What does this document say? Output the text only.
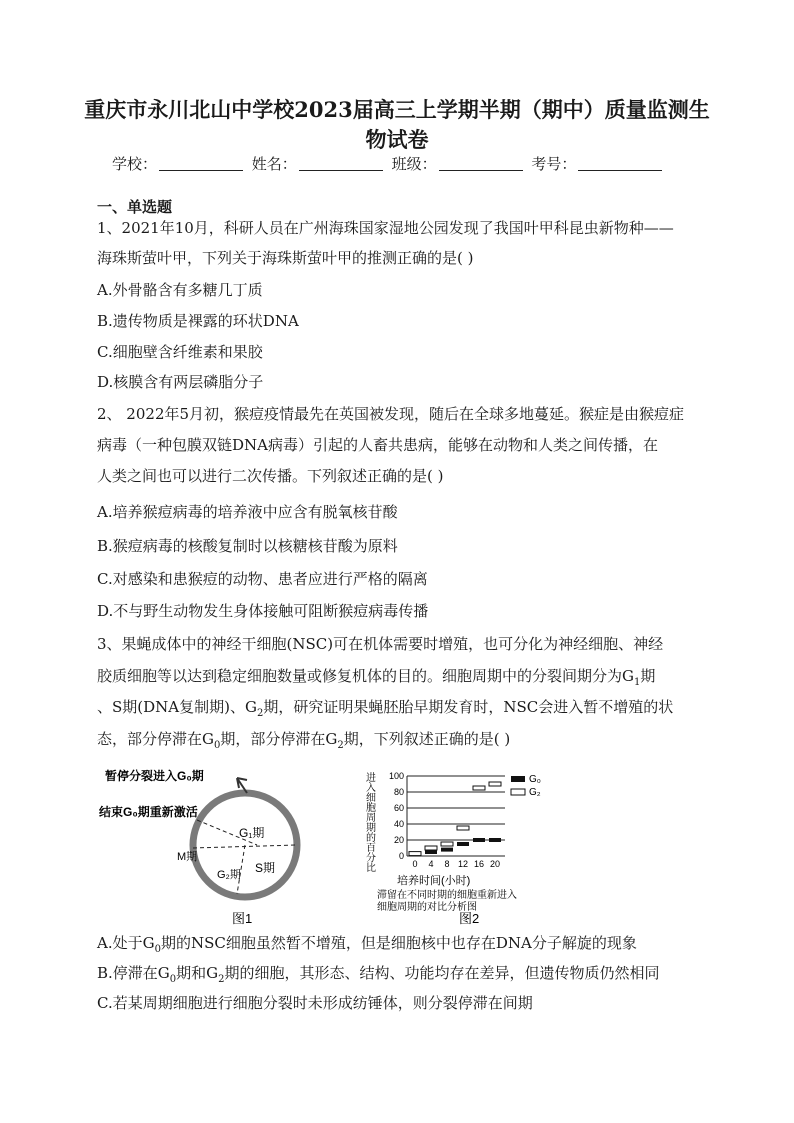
重庆市永川北山中学校2023届高三上学期半期（期中）质量监测生
物试卷
学校：	姓名：	班级：	考号：
一、单选题
1、2021年10月，科研人员在广州海珠国家湿地公园发现了我国叶甲科昆虫新物种——
海珠斯萤叶甲，下列关于海珠斯萤叶甲的推测正确的是( )
A.外骨骼含有多糖几丁质
B.遗传物质是裸露的环状DNA
C.细胞壁含纤维素和果胶
D.核膜含有两层磷脂分子
2、 2022年5月初，猴痘疫情最先在英国被发现，随后在全球多地蔓延。猴症是由猴痘症
病毒（一种包膜双链DNA病毒）引起的人畜共患病，能够在动物和人类之间传播，在
人类之间也可以进行二次传播。下列叙述正确的是( )
A.培养猴痘病毒的培养液中应含有脱氧核苷酸
B.猴痘病毒的核酸复制时以核糖核苷酸为原料
C.对感染和患猴痘的动物、患者应进行严格的隔离
D.不与野生动物发生身体接触可阻断猴痘病毒传播
3、果蝇成体中的神经干细胞(NSC)可在机体需要时增殖，也可分化为神经细胞、神经
胶质细胞等以达到稳定细胞数量或修复机体的目的。细胞周期中的分裂间期分为$G_1$期
、S期(DNA复制期)、$G_2$期，研究证明果蝇胚胎早期发育时，NSC会进入暂不增殖的状
态，部分停滞在$G_0$期，部分停滞在$G_2$期，下列叙述正确的是( )
暂停分裂进入G₀期
结束G₀期重新激活
G₁期
M期
G₂期 S期
图1
进入细胞周期的百分比	0
20
40
60
80
100
4 8 12 16 20
0
培养时间(小时)
滞留在不同时期的细胞重新进入
细胞周期的对比分析图
图2
G₀
G₂
A.处于$G_0$期的NSC细胞虽然暂不增殖，但是细胞核中也存在DNA分子解旋的现象
B.停滞在$G_0$期和$G_2$期的细胞，其形态、结构、功能均存在差异，但遗传物质仍然相同
C.若某周期细胞进行细胞分裂时未形成纺锤体，则分裂停滞在间期
